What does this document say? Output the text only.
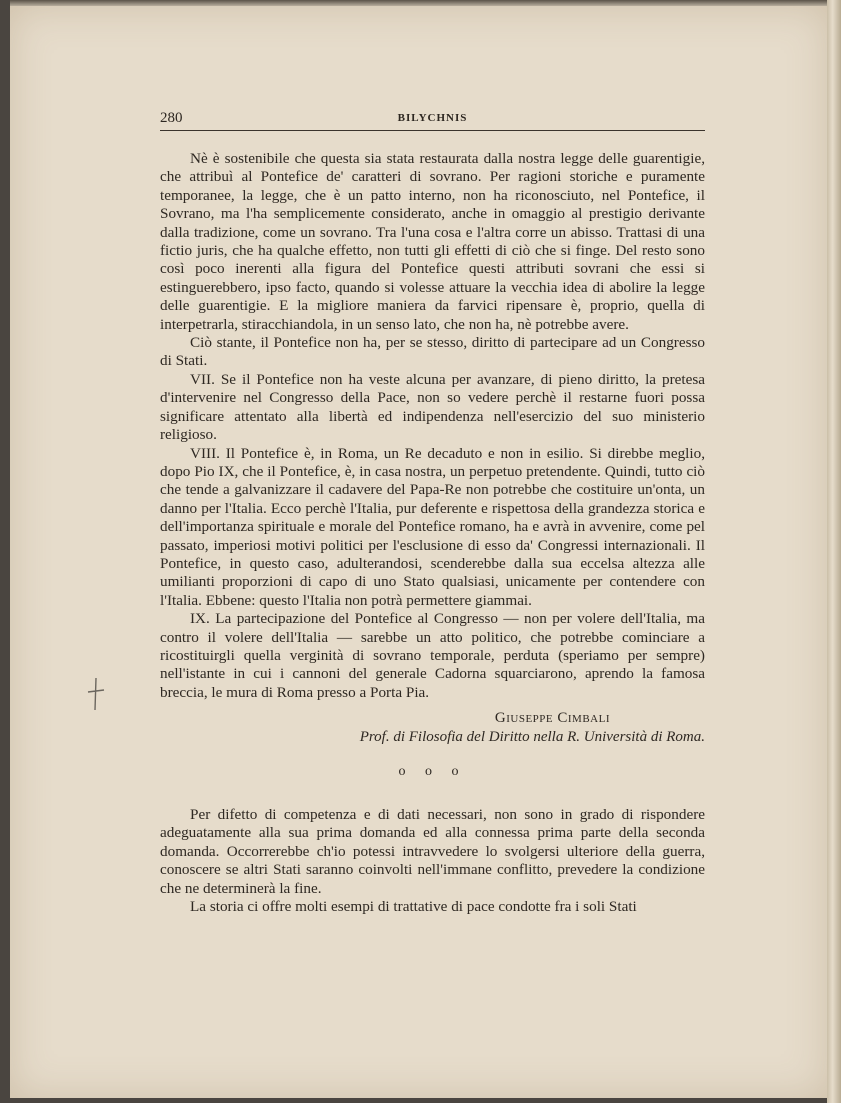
280	BILYCHNIS

Nè è sostenibile che questa sia stata restaurata dalla nostra legge delle guarentigie, che attribuì al Pontefice de' caratteri di sovrano. Per ragioni storiche e puramente temporanee, la legge, che è un patto interno, non ha riconosciuto, nel Pontefice, il Sovrano, ma l'ha semplicemente considerato, anche in omaggio al prestigio derivante dalla tradizione, come un sovrano. Tra l'una cosa e l'altra corre un abisso. Trattasi di una fictio juris, che ha qualche effetto, non tutti gli effetti di ciò che si finge. Del resto sono così poco inerenti alla figura del Pontefice questi attributi sovrani che essi si estinguerebbero, ipso facto, quando si volesse attuare la vecchia idea di abolire la legge delle guarentigie. E la migliore maniera da farvici ripensare è, proprio, quella di interpetrarla, stiracchiandola, in un senso lato, che non ha, nè potrebbe avere.

Ciò stante, il Pontefice non ha, per se stesso, diritto di partecipare ad un Congresso di Stati.

VII. Se il Pontefice non ha veste alcuna per avanzare, di pieno diritto, la pretesa d'intervenire nel Congresso della Pace, non so vedere perchè il restarne fuori possa significare attentato alla libertà ed indipendenza nell'esercizio del suo ministerio religioso.

VIII. Il Pontefice è, in Roma, un Re decaduto e non in esilio. Si direbbe meglio, dopo Pio IX, che il Pontefice, è, in casa nostra, un perpetuo pretendente. Quindi, tutto ciò che tende a galvanizzare il cadavere del Papa-Re non potrebbe che costituire un'onta, un danno per l'Italia. Ecco perchè l'Italia, pur deferente e rispettosa della grandezza storica e dell'importanza spirituale e morale del Pontefice romano, ha e avrà in avvenire, come pel passato, imperiosi motivi politici per l'esclusione di esso da' Congressi internazionali. Il Pontefice, in questo caso, adulterandosi, scenderebbe dalla sua eccelsa altezza alle umilianti proporzioni di capo di uno Stato qualsiasi, unicamente per contendere con l'Italia. Ebbene: questo l'Italia non potrà permettere giammai.

IX. La partecipazione del Pontefice al Congresso — non per volere dell'Italia, ma contro il volere dell'Italia — sarebbe un atto politico, che potrebbe cominciare a ricostituirgli quella verginità di sovrano temporale, perduta (speriamo per sempre) nell'istante in cui i cannoni del generale Cadorna squarciarono, aprendo la famosa breccia, le mura di Roma presso a Porta Pia.

Giuseppe Cimbali
Prof. di Filosofia del Diritto nella R. Università di Roma.
o o o

Per difetto di competenza e di dati necessari, non sono in grado di rispondere adeguatamente alla sua prima domanda ed alla connessa prima parte della seconda domanda. Occorrerebbe ch'io potessi intravvedere lo svolgersi ulteriore della guerra, conoscere se altri Stati saranno coinvolti nell'immane conflitto, prevedere la condizione che ne determinerà la fine.

La storia ci offre molti esempi di trattative di pace condotte fra i soli Stati
